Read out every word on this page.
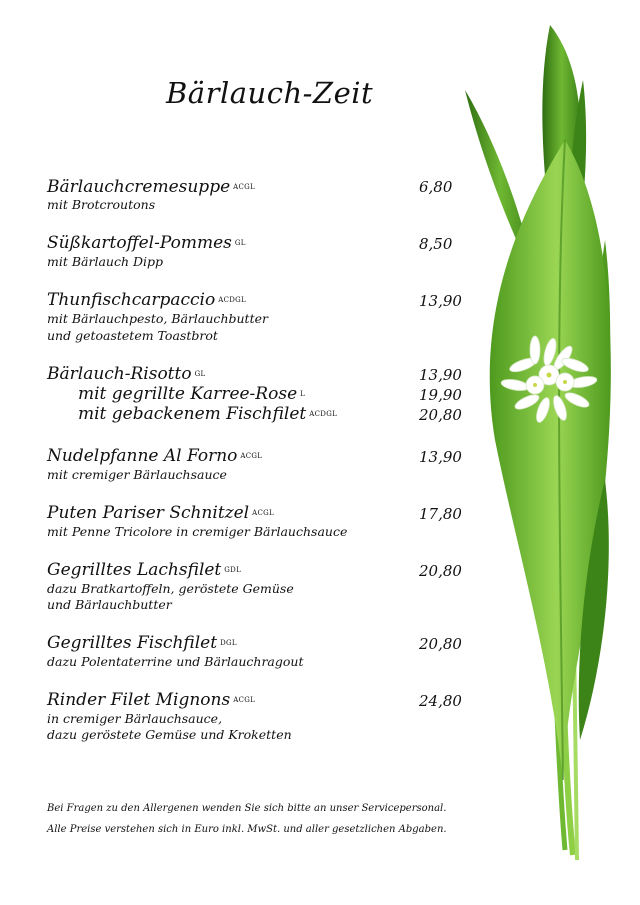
Bärlauch-Zeit
Bärlauchcremesuppe ACGL	6,80
mit Brotcroutons
Süßkartoffel-Pommes GL	8,50
mit Bärlauch Dipp
Thunfischcarpaccio ACDGL	13,90
mit Bärlauchpesto, Bärlauchbutter
und getoastetem Toastbrot
Bärlauch-Risotto GL	13,90
mit gegrillte Karree-Rose L	19,90
mit gebackenem Fischfilet ACDGL	20,80
Nudelpfanne Al Forno ACGL	13,90
mit cremiger Bärlauchsauce
Puten Pariser Schnitzel ACGL	17,80
mit Penne Tricolore in cremiger Bärlauchsauce
Gegrilltes Lachsfilet GDL	20,80
dazu Bratkartoffeln, geröstete Gemüse
und Bärlauchbutter
Gegrilltes Fischfilet DGL	20,80
dazu Polentaterrine und Bärlauchragout
Rinder Filet Mignons ACGL	24,80
in cremiger Bärlauchsauce,
dazu geröstete Gemüse und Kroketten
Bei Fragen zu den Allergenen wenden Sie sich bitte an unser Servicepersonal.
Alle Preise verstehen sich in Euro inkl. MwSt. und aller gesetzlichen Abgaben.
